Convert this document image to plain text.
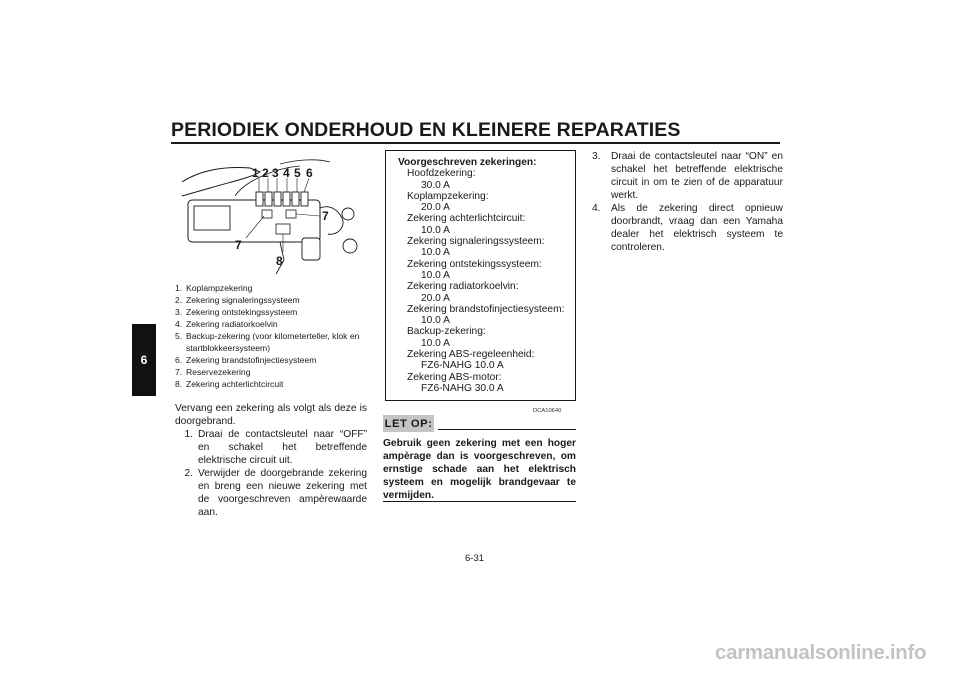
PERIODIEK ONDERHOUD EN KLEINERE REPARATIES
6
1 2 3 4 5 6
7
7
8
1. Koplampzekering
2. Zekering signaleringssysteem
3. Zekering ontstekingssysteem
4. Zekering radiatorkoelvin
5. Backup-zekering (voor kilometerteller, klok en startblokkeersysteem)
6. Zekering brandstofinjectiesysteem
7. Reservezekering
8. Zekering achterlichtcircuit

Vervang een zekering als volgt als deze is doorgebrand.

1. Draai de contactsleutel naar “OFF” en schakel het betreffende elektrische circuit uit.
2. Verwijder de doorgebrande zekering en breng een nieuwe zekering met de voorgeschreven ampèrewaarde aan.
Voorgeschreven zekeringen:
Hoofdzekering:
30.0 A
Koplampzekering:
20.0 A
Zekering achterlichtcircuit:
10.0 A
Zekering signaleringssysteem:
10.0 A
Zekering ontstekingssysteem:
10.0 A
Zekering radiatorkoelvin:
20.0 A
Zekering brandstofinjectiesysteem:
10.0 A
Backup-zekering:
10.0 A
Zekering ABS-regeleenheid:
FZ6-NAHG 10.0 A
Zekering ABS-motor:
FZ6-NAHG 30.0 A
DCA10640
LET OP:

Gebruik geen zekering met een hoger ampèrage dan is voorgeschreven, om ernstige schade aan het elektrisch systeem en mogelijk brandgevaar te vermijden.

3.	Draai de contactsleutel naar “ON” en schakel het betreffende elektrische circuit in om te zien of de apparatuur werkt.
4.	Als de zekering direct opnieuw doorbrandt, vraag dan een Yamaha dealer het elektrisch systeem te controleren.
6-31
carmanualsonline.info
